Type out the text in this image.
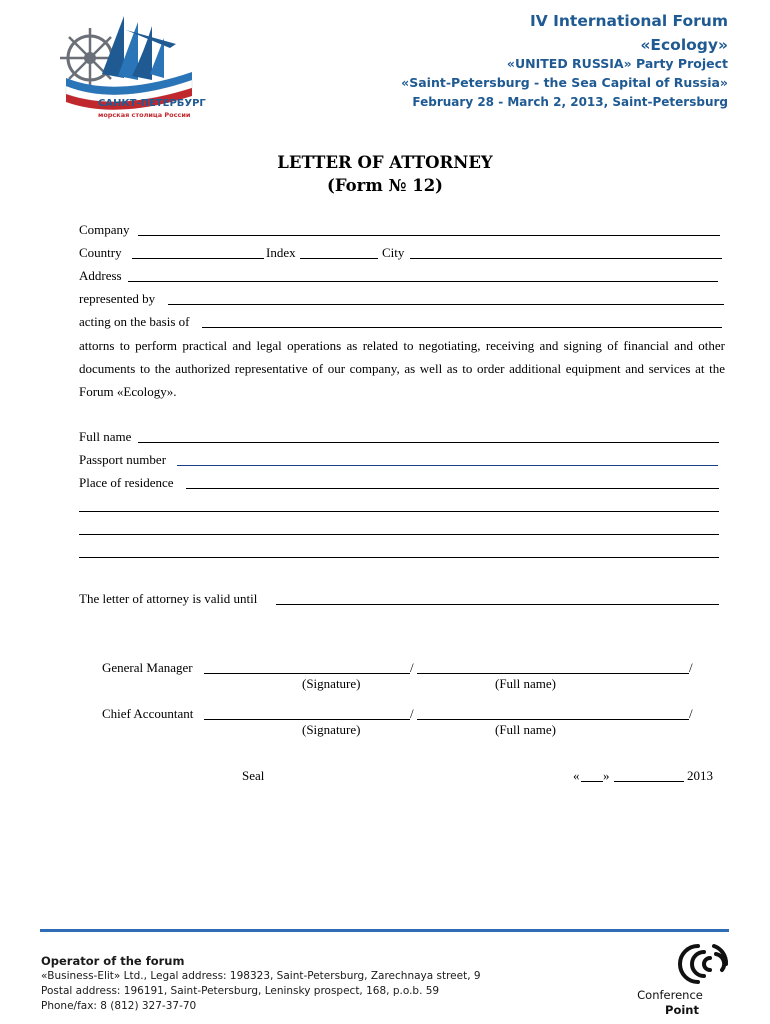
САНКТ-ПЕТЕРБУРГ
морская столица России
IV International Forum
«Ecology»
«UNITED RUSSIA» Party Project
«Saint-Petersburg - the Sea Capital of Russia»
February 28 - March 2, 2013, Saint-Petersburg
LETTER OF ATTORNEY
(Form № 12)
Company
Country	Index	City
Address
represented by
acting on the basis of
attorns to perform practical and legal operations as related to negotiating, receiving and signing of financial and other documents to the authorized representative of our company, as well as to order additional equipment and services at the Forum «Ecology».
Full name
Passport number
Place of residence
The letter of attorney is valid until
General Manager	/	/
(Signature)	(Full name)
Chief Accountant	/	/
(Signature)	(Full name)
Seal	« »	2013
Operator of the forum
«Business-Elit» Ltd., Legal address: 198323, Saint-Petersburg, Zarechnaya street, 9
Postal address: 196191, Saint-Petersburg, Leninsky prospect, 168, p.o.b. 59
Phone/fax: 8 (812) 327-37-70
Conference
Point
